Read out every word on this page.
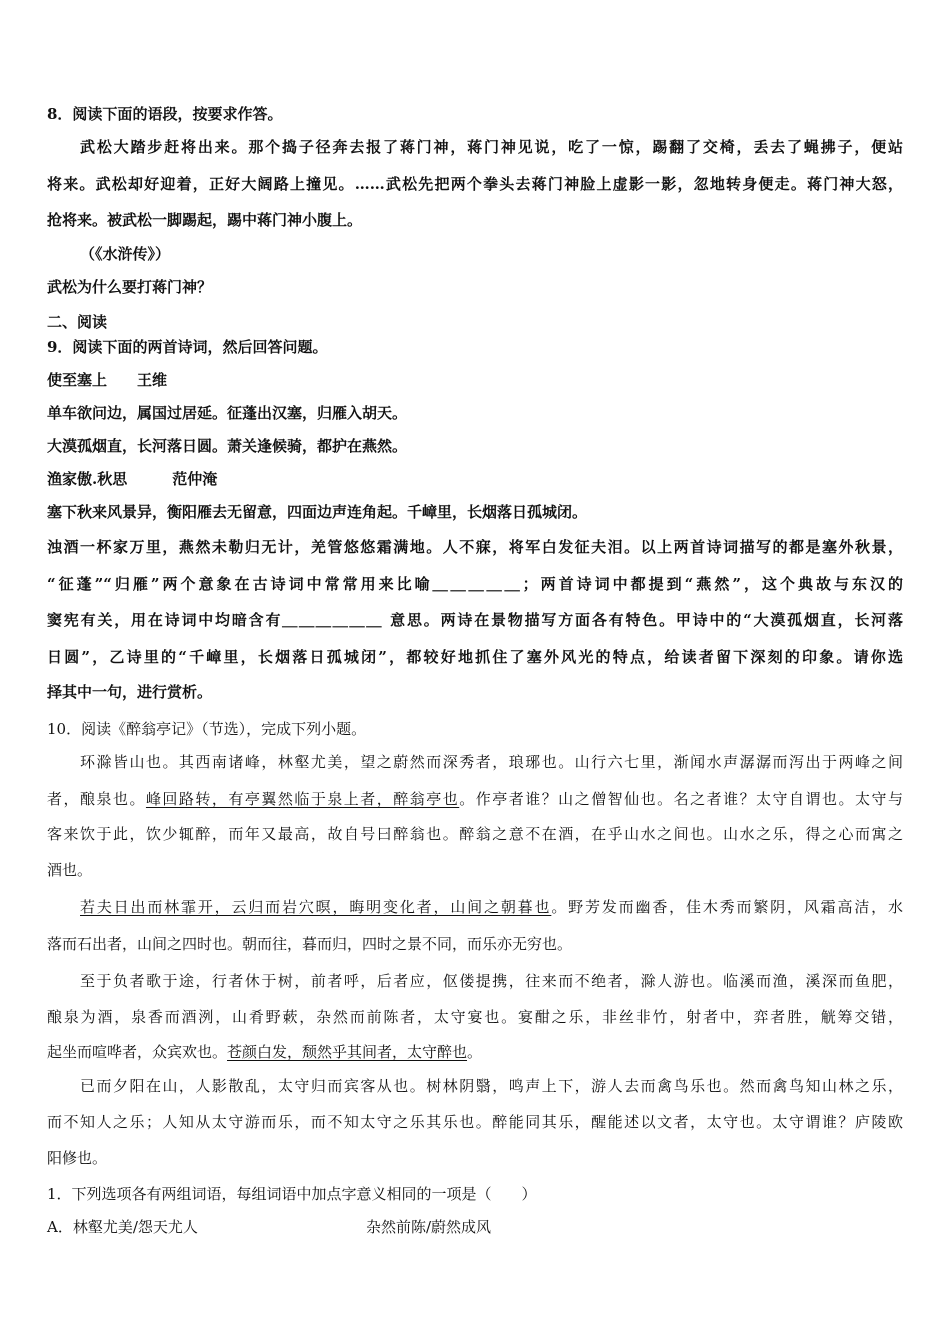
二、阅读
8．阅读下面的语段，按要求作答。
武松大踏步赶将出来。那个捣子径奔去报了蒋门神，蒋门神见说，吃了一惊，踢翻了交椅，丢去了蝇拂子，便站
将来。武松却好迎着，正好大阔路上撞见。……武松先把两个拳头去蒋门神脸上虚影一影，忽地转身便走。蒋门神大怒，
抢将来。被武松一脚踢起，踢中蒋门神小腹上。
（《水浒传》）
武松为什么要打蒋门神？
9．阅读下面的两首诗词，然后回答问题。
使至塞上　　王维
单车欲问边，属国过居延。征蓬出汉塞，归雁入胡天。
大漠孤烟直，长河落日圆。萧关逢候骑，都护在燕然。
渔家傲.秋思　　　范仲淹
塞下秋来风景异，衡阳雁去无留意，四面边声连角起。千嶂里，长烟落日孤城闭。
浊酒一杯家万里，燕然未勒归无计，羌管悠悠霜满地。人不寐，将军白发征夫泪。以上两首诗词描写的都是塞外秋景，
“征蓬”“归雁”两个意象在古诗词中常常用来比喻＿＿＿＿＿；两首诗词中都提到“燕然”，这个典故与东汉的
窦宪有关，用在诗词中均暗含有＿＿＿＿＿＿ 意思。两诗在景物描写方面各有特色。甲诗中的“大漠孤烟直，长河落
日圆”，乙诗里的“千嶂里，长烟落日孤城闭”，都较好地抓住了塞外风光的特点，给读者留下深刻的印象。请你选
择其中一句，进行赏析。
10．阅读《醉翁亭记》（节选），完成下列小题。
环滁皆山也。其西南诸峰，林壑尤美，望之蔚然而深秀者，琅琊也。山行六七里，渐闻水声潺潺而泻出于两峰之间
者，酿泉也。峰回路转，有亭翼然临于泉上者，醉翁亭也。作亭者谁？山之僧智仙也。名之者谁？太守自谓也。太守与
客来饮于此，饮少辄醉，而年又最高，故自号曰醉翁也。醉翁之意不在酒，在乎山水之间也。山水之乐，得之心而寓之
酒也。
若夫日出而林霏开，云归而岩穴暝，晦明变化者，山间之朝暮也。野芳发而幽香，佳木秀而繁阴，风霜高洁，水
落而石出者，山间之四时也。朝而往，暮而归，四时之景不同，而乐亦无穷也。
至于负者歌于途，行者休于树，前者呼，后者应，伛偻提携，往来而不绝者，滁人游也。临溪而渔，溪深而鱼肥，
酿泉为酒，泉香而酒洌，山肴野蔌，杂然而前陈者，太守宴也。宴酣之乐，非丝非竹，射者中，弈者胜，觥筹交错，
起坐而喧哗者，众宾欢也。苍颜白发，颓然乎其间者，太守醉也。
已而夕阳在山，人影散乱，太守归而宾客从也。树林阴翳，鸣声上下，游人去而禽鸟乐也。然而禽鸟知山林之乐，
而不知人之乐；人知从太守游而乐，而不知太守之乐其乐也。醉能同其乐，醒能述以文者，太守也。太守谓谁？庐陵欧
阳修也。
1．下列选项各有两组词语，每组词语中加点字意义相同的一项是（　　）
A．林壑尤美/怨天尤人	杂然前陈/蔚然成风
